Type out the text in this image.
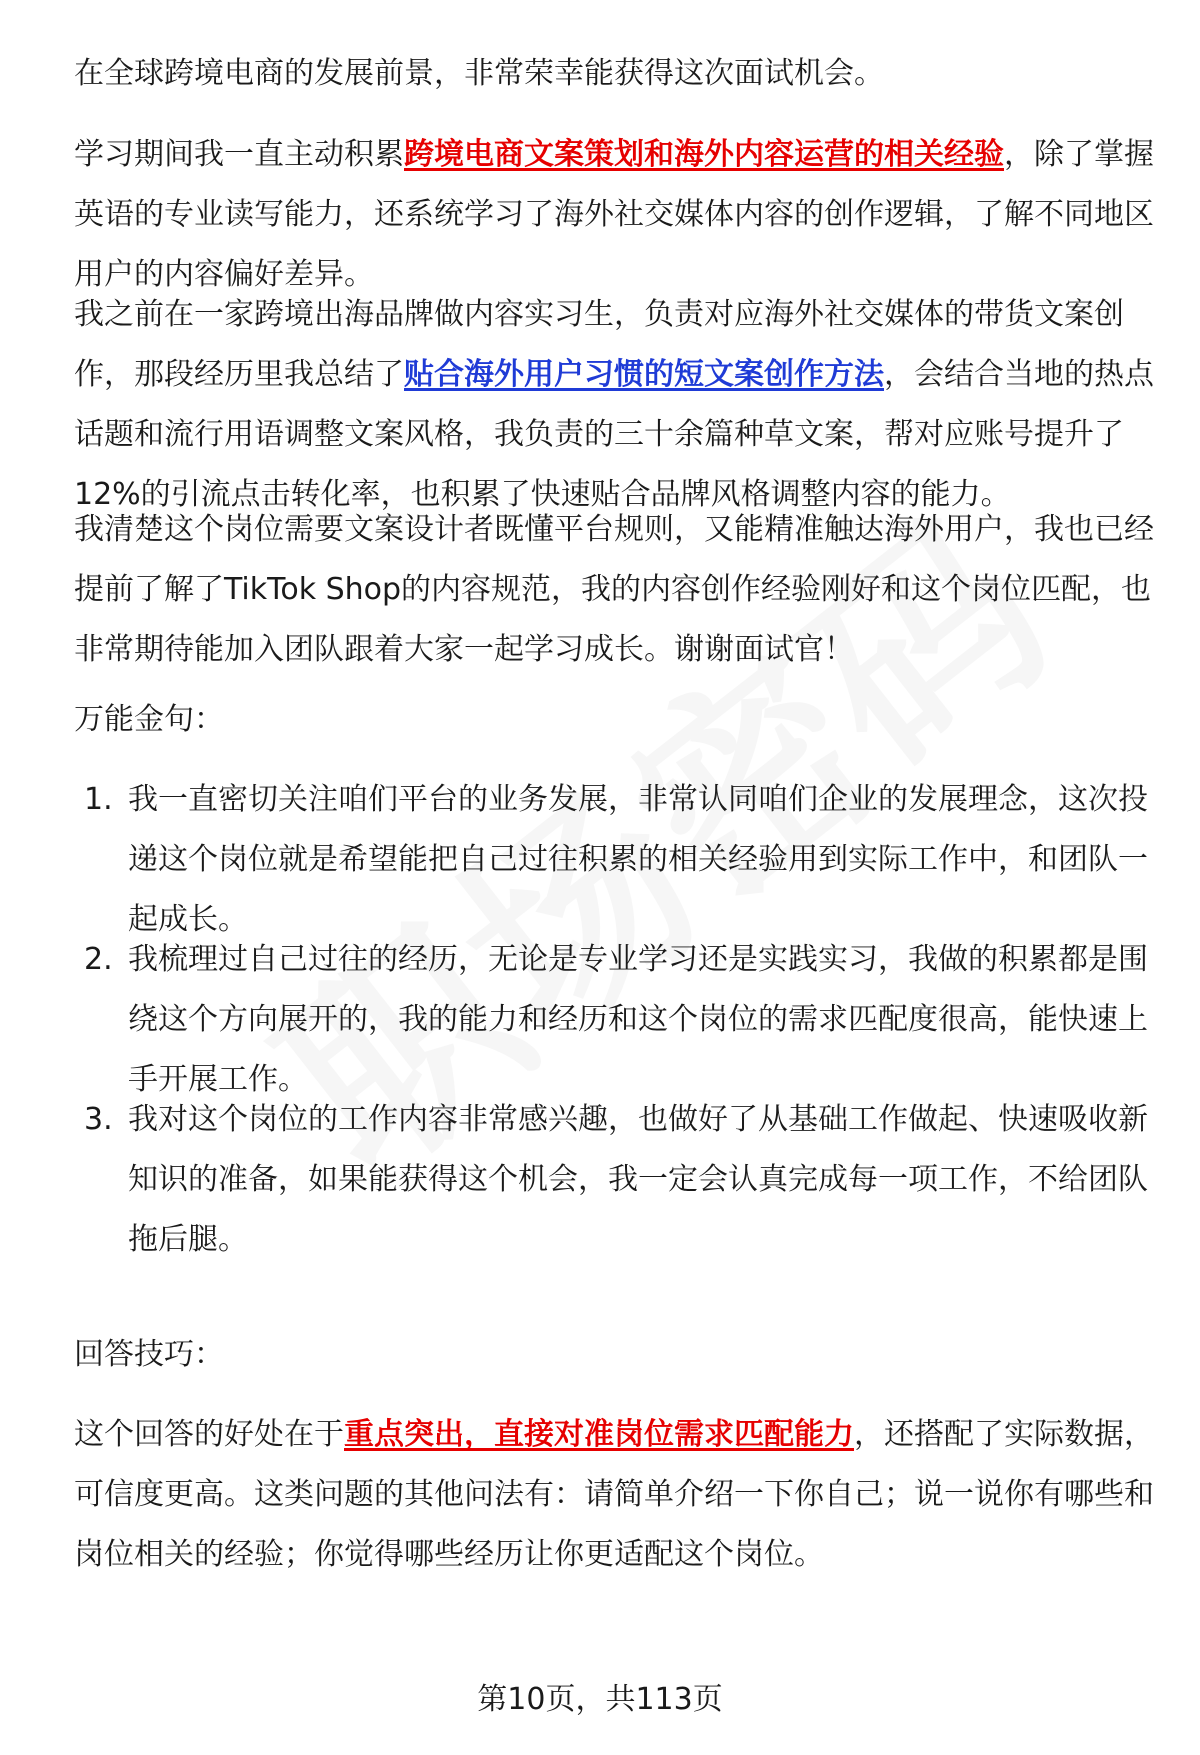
在全球跨境电商的发展前景，非常荣幸能获得这次面试机会。
学习期间我一直主动积累跨境电商文案策划和海外内容运营的相关经验，除了掌握
英语的专业读写能力，还系统学习了海外社交媒体内容的创作逻辑，了解不同地区
用户的内容偏好差异。
我之前在一家跨境出海品牌做内容实习生，负责对应海外社交媒体的带货文案创
作，那段经历里我总结了贴合海外用户习惯的短文案创作方法，会结合当地的热点
话题和流行用语调整文案风格，我负责的三十余篇种草文案，帮对应账号提升了
12%的引流点击转化率，也积累了快速贴合品牌风格调整内容的能力。
我清楚这个岗位需要文案设计者既懂平台规则，又能精准触达海外用户，我也已经
提前了解了TikTok Shop的内容规范，我的内容创作经验刚好和这个岗位匹配，也
非常期待能加入团队跟着大家一起学习成长。谢谢面试官！
万能金句：
1. 我一直密切关注咱们平台的业务发展，非常认同咱们企业的发展理念，这次投
递这个岗位就是希望能把自己过往积累的相关经验用到实际工作中，和团队一
起成长。
2. 我梳理过自己过往的经历，无论是专业学习还是实践实习，我做的积累都是围
绕这个方向展开的，我的能力和经历和这个岗位的需求匹配度很高，能快速上
手开展工作。
3. 我对这个岗位的工作内容非常感兴趣，也做好了从基础工作做起、快速吸收新
知识的准备，如果能获得这个机会，我一定会认真完成每一项工作，不给团队
拖后腿。
回答技巧：
这个回答的好处在于重点突出，直接对准岗位需求匹配能力，还搭配了实际数据，
可信度更高。这类问题的其他问法有：请简单介绍一下你自己；说一说你有哪些和
岗位相关的经验；你觉得哪些经历让你更适配这个岗位。
第10页，共113页
